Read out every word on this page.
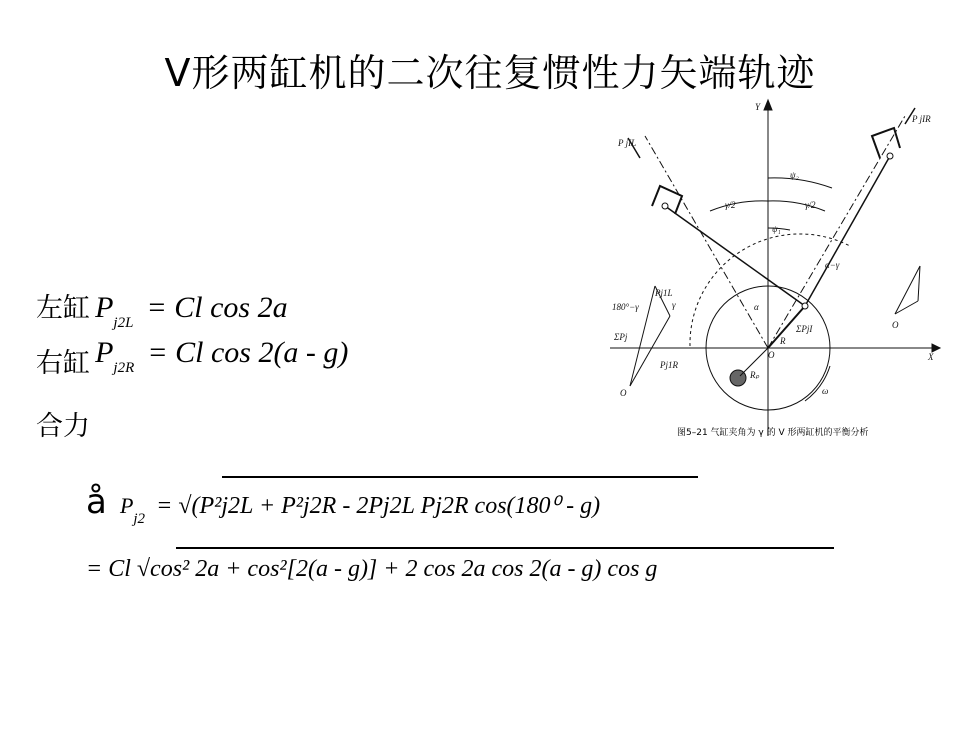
V形两缸机的二次往复惯性力矢端轨迹
左缸 Pj2L = Cl cos 2a
右缸 Pj2R = Cl cos 2(a - g)
合力
å Pj2 = √(P²j2L + P²j2R - 2Pj2L Pj2R cos(180⁰ - g)
= Cl √cos² 2a + cos²[2(a - g)] + 2 cos 2a cos 2(a - g) cos g
X
Y
O
O
O
ψ₂
ψ₁
γ/2	γ/2
α
α−γ
R
Rₚ
ω
P jIL
P jIR
Pj1L
Pj1R
180°−γ	γ
ΣPj
ΣPjI
图5–21 气缸夹角为 γ 的 V 形两缸机的平衡分析
